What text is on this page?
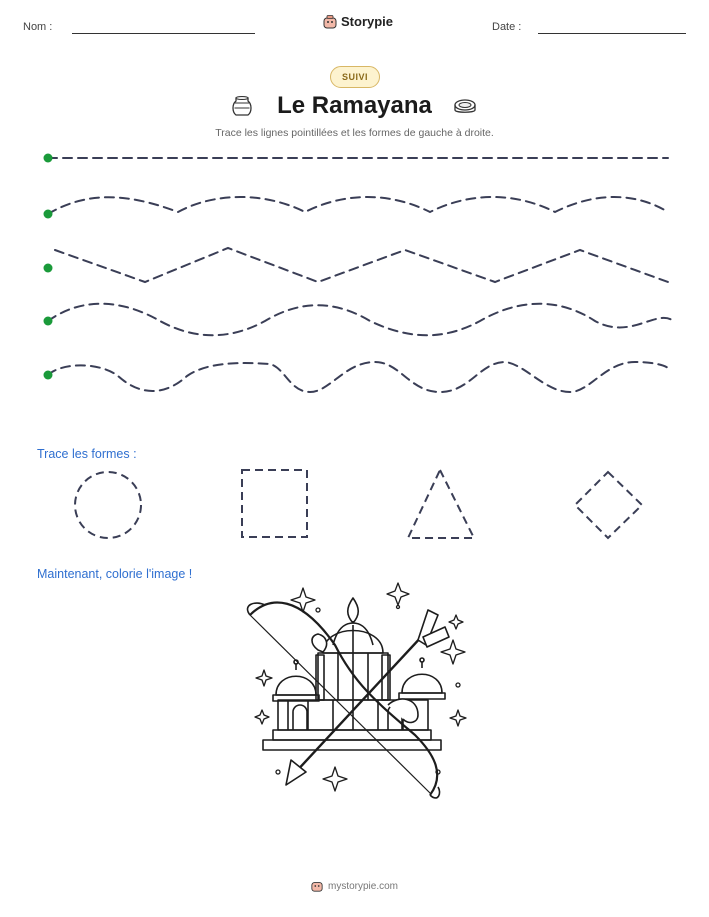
Nom :	Storypie	Date :
SUIVI
Le Ramayana
Trace les lignes pointillées et les formes de gauche à droite.
Trace les formes :
Maintenant, colorie l'image !
mystorypie.com
